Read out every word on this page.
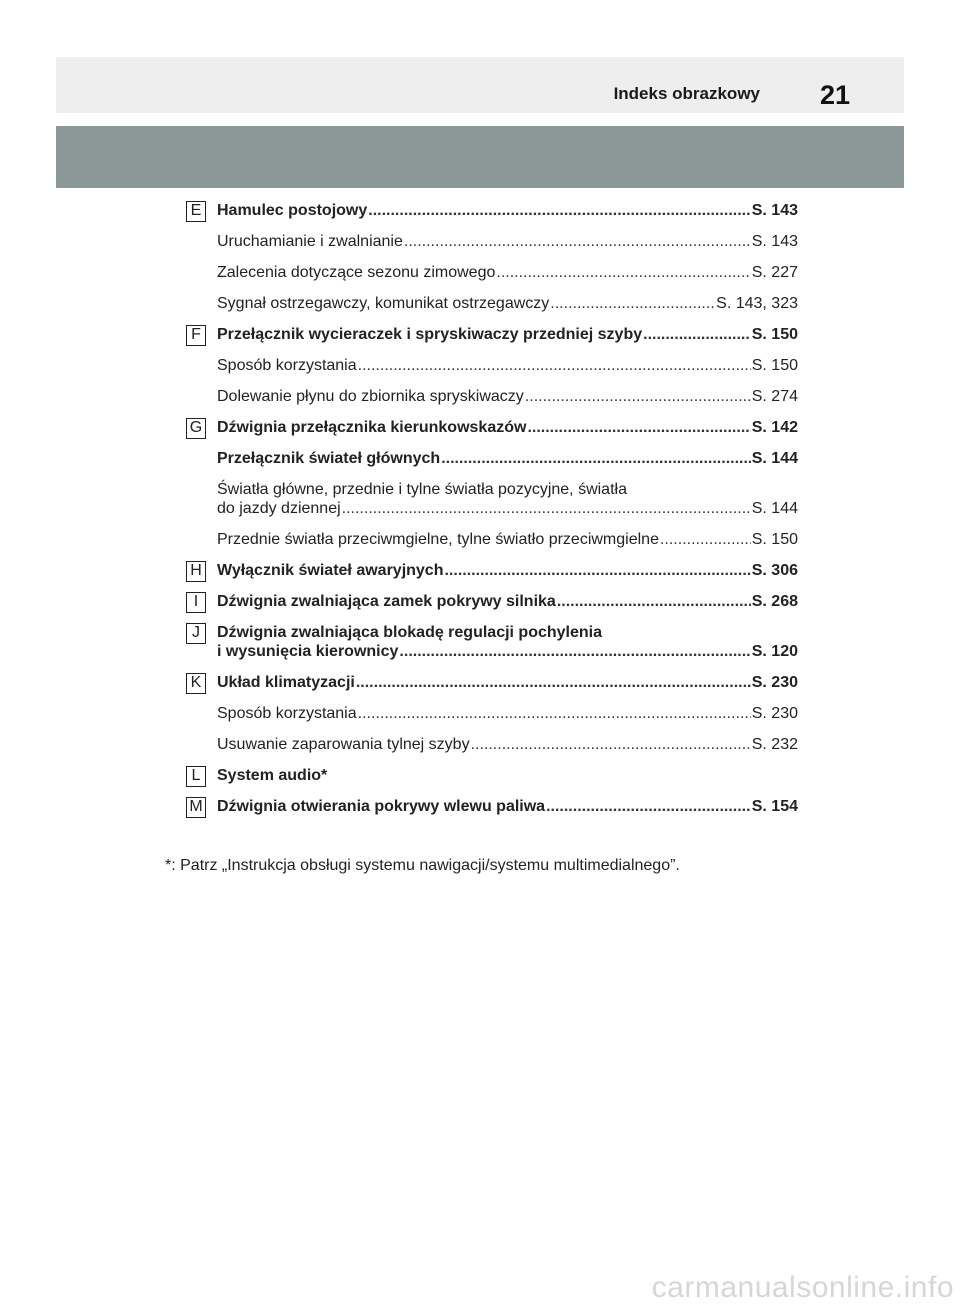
Indeks obrazkowy 21
E Hamulec postojowy .....	S. 143
Uruchamianie i zwalnianie .....	S. 143
Zalecenia dotyczące sezonu zimowego .....	S. 227
Sygnał ostrzegawczy, komunikat ostrzegawczy .....	S. 143, 323
F	Przełącznik wycieraczek i spryskiwaczy przedniej szyby .....	S. 150
Sposób korzystania .....	S. 150
Dolewanie płynu do zbiornika spryskiwaczy .....	S. 274
G Dźwignia przełącznika kierunkowskazów .....	S. 142
Przełącznik świateł głównych .....	S. 144
Światła główne, przednie i tylne światła pozycyjne, światła
do jazdy dziennej .....	S. 144
Przednie światła przeciwmgielne, tylne światło przeciwmgielne .....	S. 150
H Wyłącznik świateł awaryjnych .....	S. 306
I	Dźwignia zwalniająca zamek pokrywy silnika .....	S. 268
J	Dźwignia zwalniająca blokadę regulacji pochylenia
i wysunięcia kierownicy .....	S. 120
K Układ klimatyzacji .....	S. 230
Sposób korzystania .....	S. 230
Usuwanie zaparowania tylnej szyby .....	S. 232
L	System audio*
M Dźwignia otwierania pokrywy wlewu paliwa .....	S. 154
*: Patrz „Instrukcja obsługi systemu nawigacji/systemu multimedialnego”.
carmanualsonline.info
